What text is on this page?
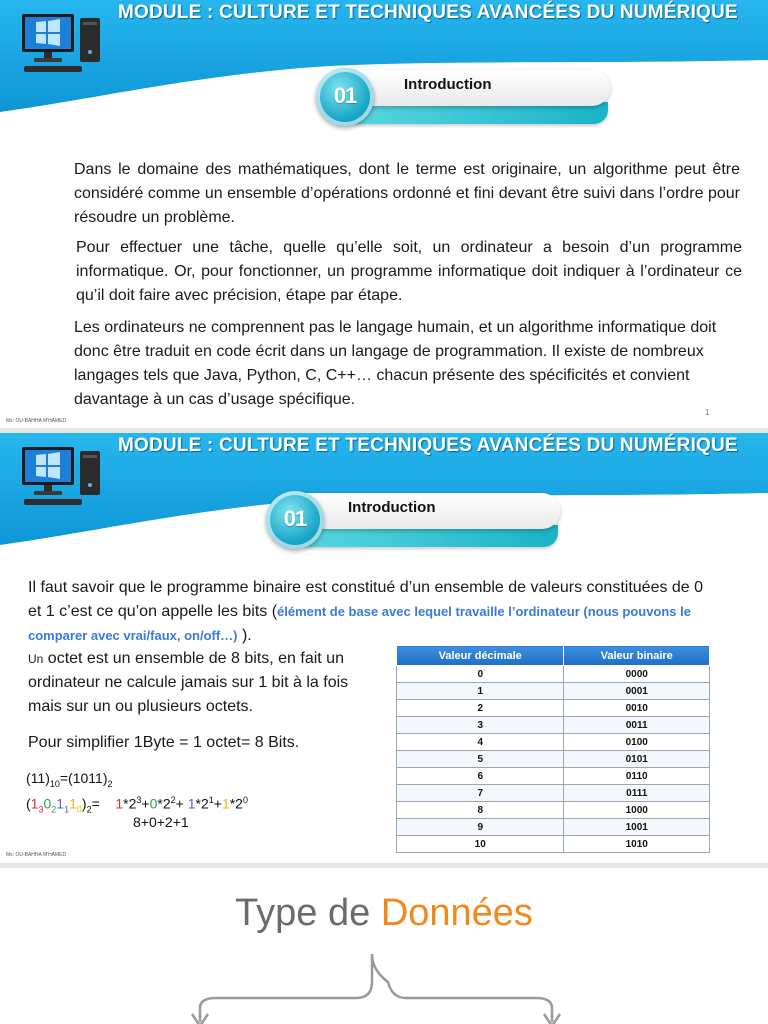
MODULE : CULTURE ET TECHNIQUES AVANCÉES DU NUMÉRIQUE
Introduction
01

Dans le domaine des mathématiques, dont le terme est originaire, un algorithme peut être considéré comme un ensemble d’opérations ordonné et fini devant être suivi dans l’ordre pour résoudre un problème.

Pour effectuer une tâche, quelle qu’elle soit, un ordinateur a besoin d’un programme informatique. Or, pour fonctionner, un programme informatique doit indiquer à l’ordinateur ce qu’il doit faire avec précision, étape par étape.

Les ordinateurs ne comprennent pas le langage humain, et un algorithme informatique doit donc être traduit en code écrit dans un langage de programmation. Il existe de nombreux langages tels que Java, Python, C, C++… chacun présente des spécificités et convient davantage à un cas d’usage spécifique.

Ms: OU-BAHHA M'HAMED
1
MODULE : CULTURE ET TECHNIQUES AVANCÉES DU NUMÉRIQUE
Introduction
01

Il faut savoir que le programme binaire est constitué d’un ensemble de valeurs constituées de 0 et 1 c’est ce qu’on appelle les bits (élément de base avec lequel travaille l’ordinateur (nous pouvons le comparer avec vrai/faux, on/off…) ).

Un octet est un ensemble de 8 bits, en fait un ordinateur ne calcule jamais sur 1 bit à la fois mais sur un ou plusieurs octets.

Pour simplifier 1Byte = 1 octet= 8 Bits.

Valeur décimale	Valeur binaire
0	0000
1	0001
2	0010
3	0011
4	0100
5	0101
6	0110
7	0111
8	1000
9	1001
10	1010
$(11)_{10}=(1011)_2$
$(1_30_21_11_0)_2=$    $1*2^3+0*2^2+ 1*2^1+1*2^0$
8+0+2+1
Ms: OU-BAHHA M'HAMED
Type de Données
